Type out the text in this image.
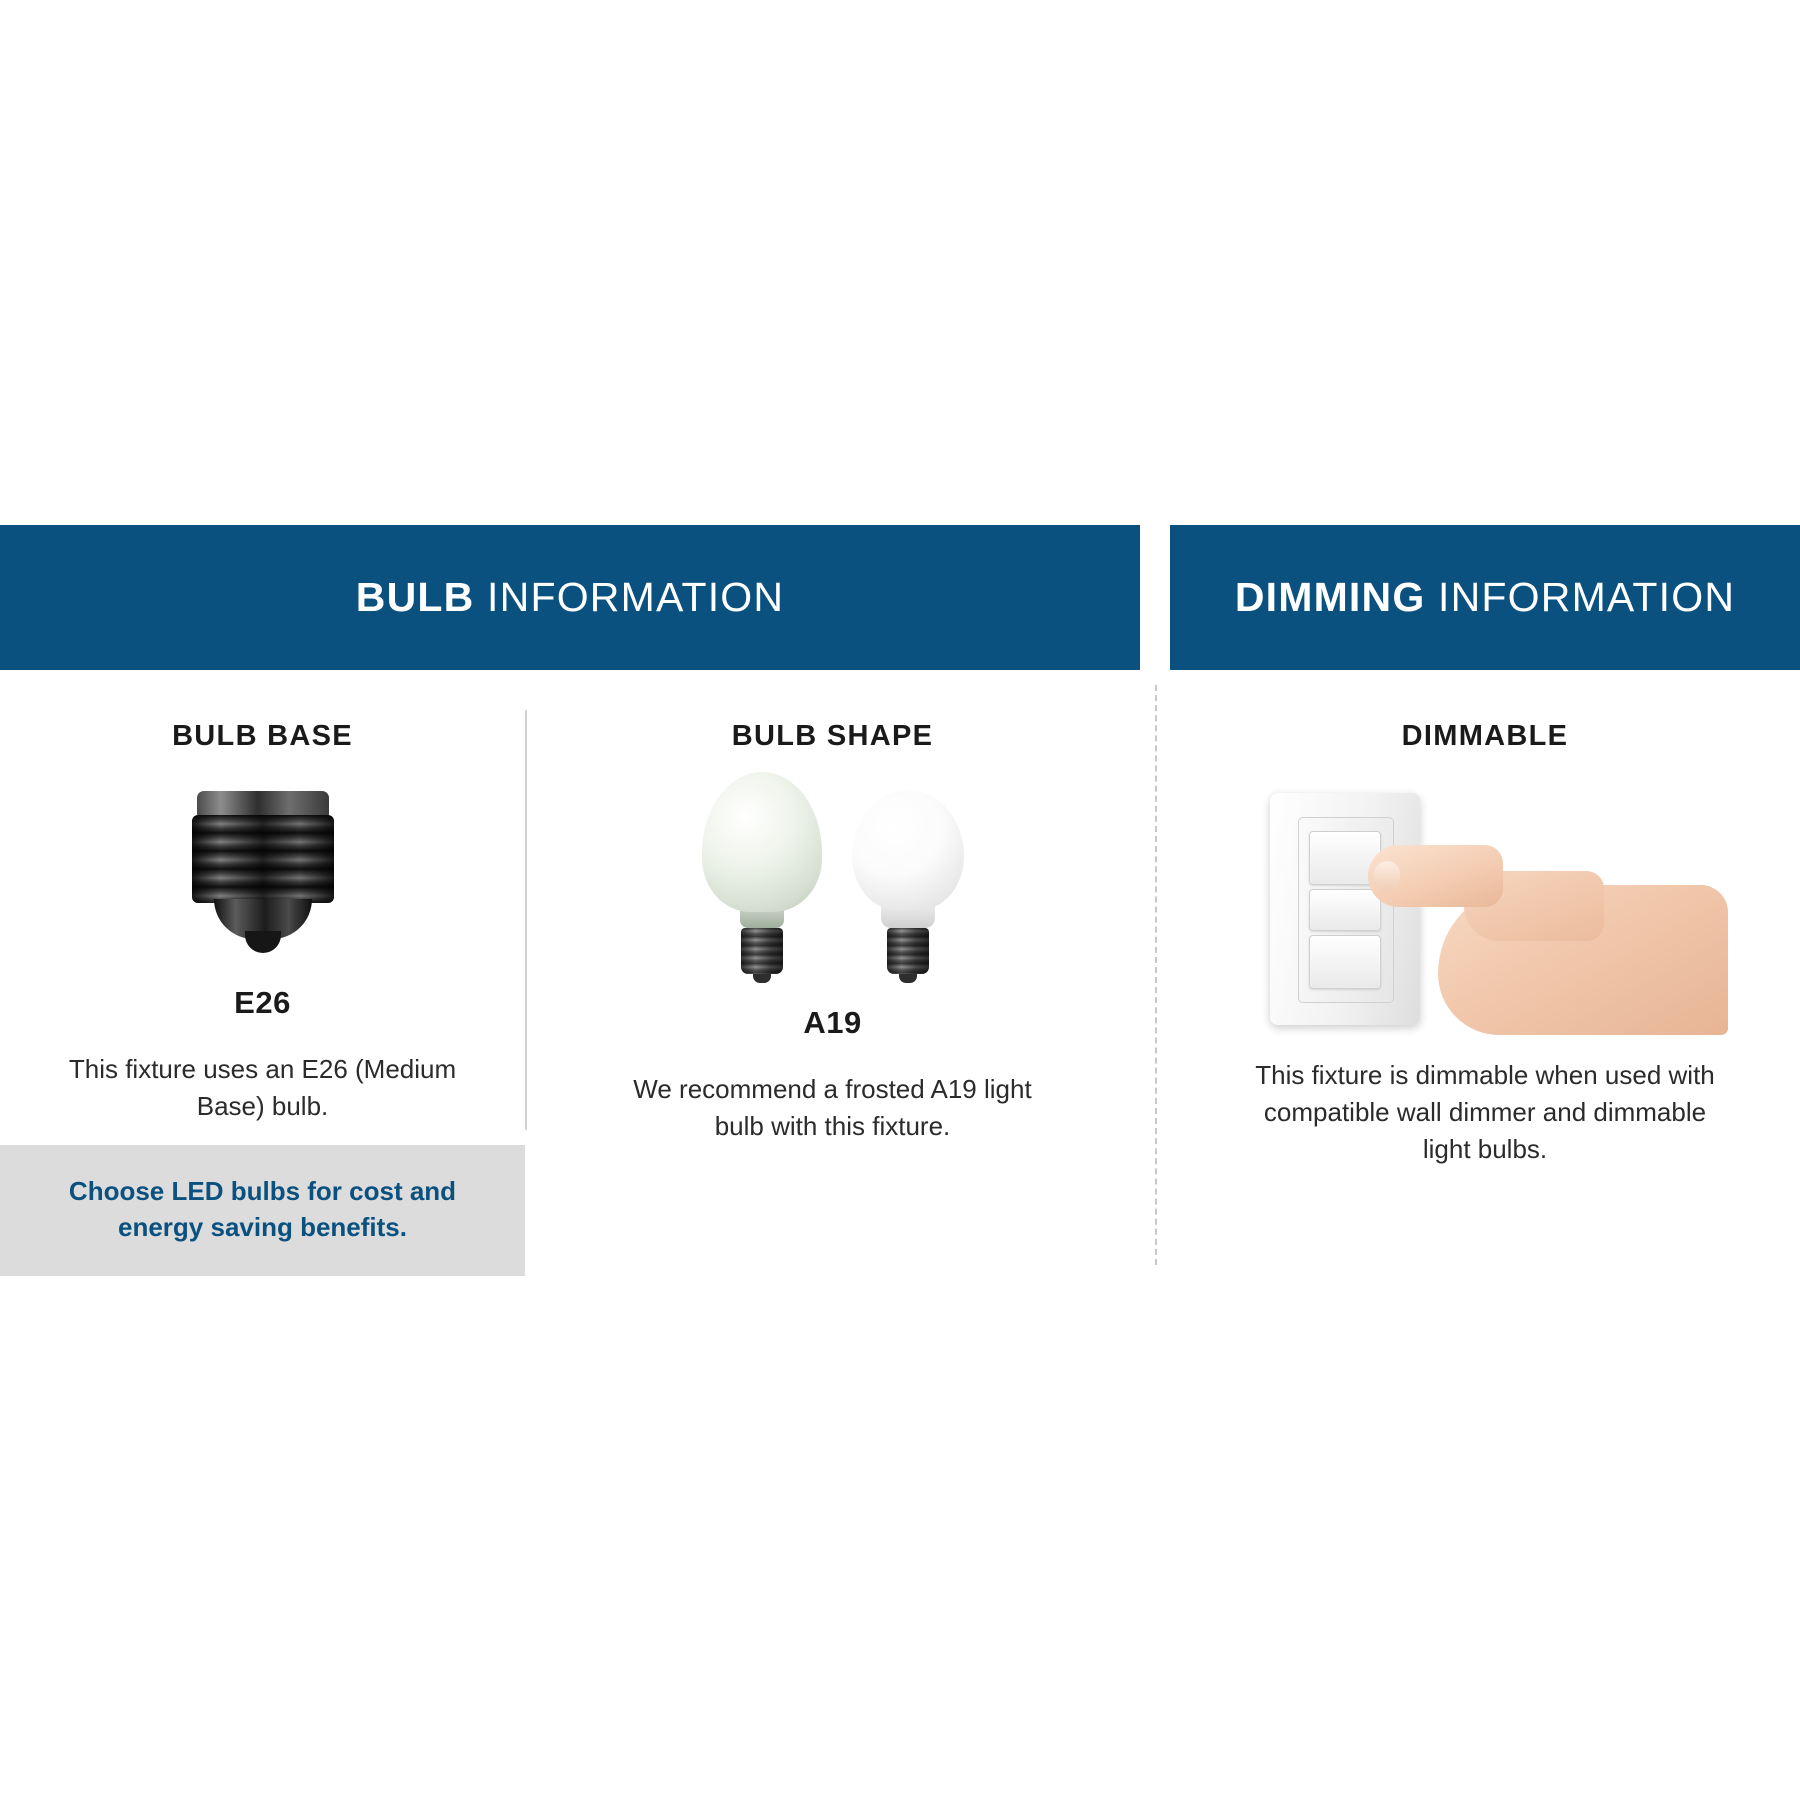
BULB INFORMATION
BULB BASE
E26

This fixture uses an E26 (Medium Base) bulb.

BULB SHAPE
A19

We recommend a frosted A19 light bulb with this fixture.

Choose LED bulbs for cost and energy saving benefits.

DIMMING INFORMATION
DIMMABLE

This fixture is dimmable when used with compatible wall dimmer and dimmable light bulbs.
